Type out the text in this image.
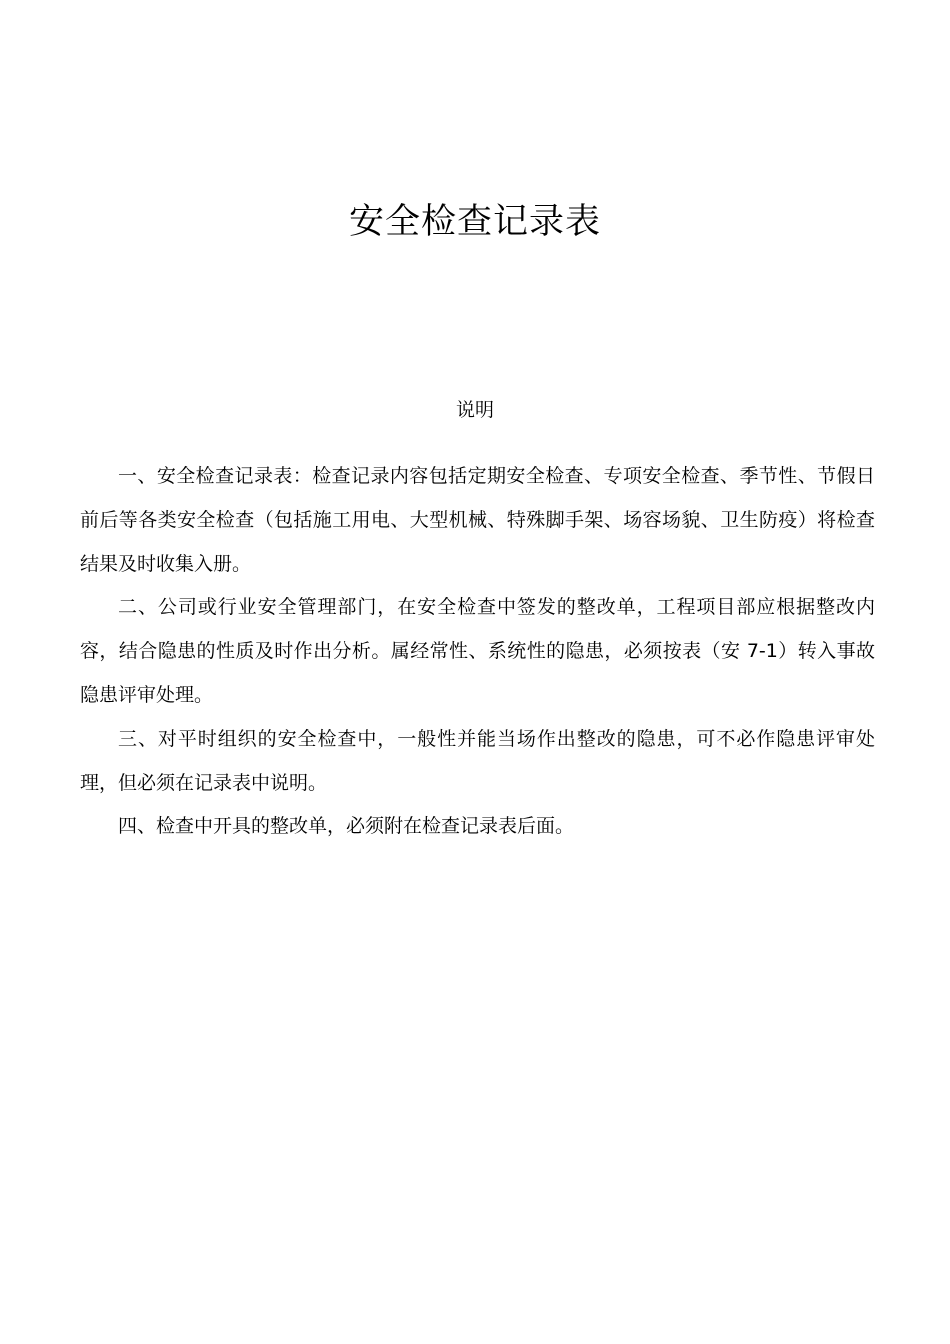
安全检查记录表
说明

一、安全检查记录表：检查记录内容包括定期安全检查、专项安全检查、季节性、节假日前后等各类安全检查（包括施工用电、大型机械、特殊脚手架、场容场貌、卫生防疫）将检查结果及时收集入册。

二、公司或行业安全管理部门，在安全检查中签发的整改单，工程项目部应根据整改内容，结合隐患的性质及时作出分析。属经常性、系统性的隐患，必须按表（安 7-1）转入事故隐患评审处理。

三、对平时组织的安全检查中，一般性并能当场作出整改的隐患，可不必作隐患评审处理，但必须在记录表中说明。

四、检查中开具的整改单，必须附在检查记录表后面。
